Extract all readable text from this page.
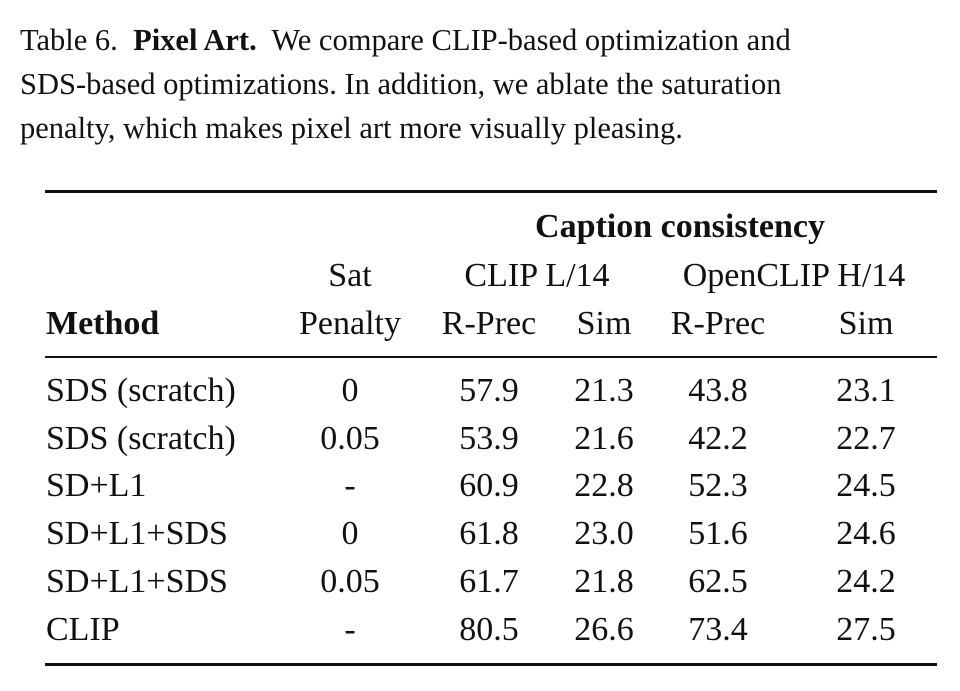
Table 6. Pixel Art. We compare CLIP-based optimization and
SDS-based optimizations. In addition, we ablate the saturation
penalty, which makes pixel art more visually pleasing.
Caption consistency
Sat	CLIP L/14 OpenCLIP H/14
Method	Penalty R-Prec Sim R-Prec Sim
SDS (scratch)	0	57.9 21.3 43.8	23.1
SDS (scratch) 0.05 53.9 21.6 42.2	22.7
SD+L1	-	60.9 22.8 52.3	24.5
SD+L1+SDS	0	61.8 23.0 51.6	24.6
SD+L1+SDS	0.05 61.7 21.8 62.5	24.2
CLIP	-	80.5 26.6 73.4	27.5
